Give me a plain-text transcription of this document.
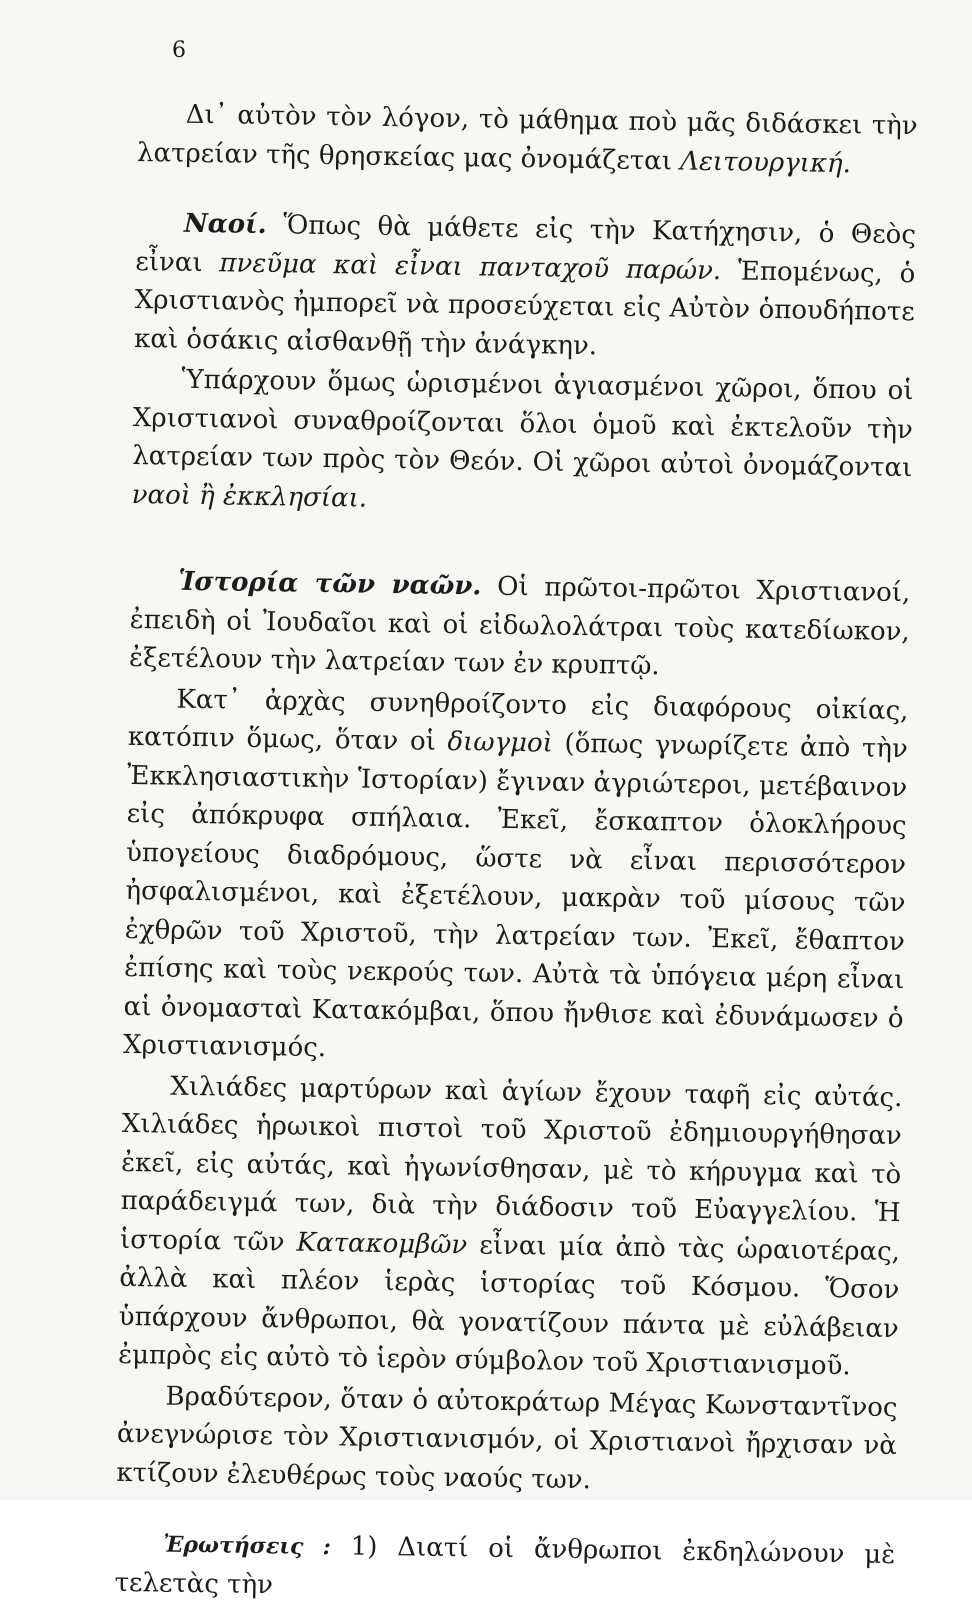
6

Δι᾽ αὐτὸν τὸν λόγον, τὸ μάθημα ποὺ μᾶς διδάσκει τὴν λατρείαν τῆς θρησκείας μας ὀνομάζεται Λειτουργική.

Ναοί. Ὅπως θὰ μάθετε εἰς τὴν Κατήχησιν, ὁ Θεὸς εἶναι πνεῦμα καὶ εἶναι πανταχοῦ παρών. Ἑπομένως, ὁ Χριστιανὸς ἠμπορεῖ νὰ προσεύχεται εἰς Αὐτὸν ὁπουδήποτε καὶ ὁσάκις αἰσθανθῇ τὴν ἀνάγκην.

Ὑπάρχουν ὅμως ὡρισμένοι ἁγιασμένοι χῶροι, ὅπου οἱ Χριστιανοὶ συναθροίζονται ὅλοι ὁμοῦ καὶ ἐκτελοῦν τὴν λατρείαν των πρὸς τὸν Θεόν. Οἱ χῶροι αὐτοὶ ὀνομάζονται ναοὶ ἢ ἐκκλησίαι.

Ἱστορία τῶν ναῶν. Οἱ πρῶτοι-πρῶτοι Χριστιανοί, ἐπειδὴ οἱ Ἰουδαῖοι καὶ οἱ εἰδωλολάτραι τοὺς κατεδίωκον, ἐξετέλουν τὴν λατρείαν των ἐν κρυπτῷ.

Κατ᾽ ἀρχὰς συνηθροίζοντο εἰς διαφόρους οἰκίας, κατόπιν ὅμως, ὅταν οἱ διωγμοὶ (ὅπως γνωρίζετε ἀπὸ τὴν Ἐκκλησιαστικὴν Ἱστορίαν) ἔγιναν ἀγριώτεροι, μετέβαινον εἰς ἀπόκρυφα σπήλαια. Ἐκεῖ, ἔσκαπτον ὁλοκλήρους ὑπογείους διαδρόμους, ὥστε νὰ εἶναι περισσότερον ἠσφαλισμένοι, καὶ ἐξετέλουν, μακρὰν τοῦ μίσους τῶν ἐχθρῶν τοῦ Χριστοῦ, τὴν λατρείαν των. Ἐκεῖ, ἔθαπτον ἐπίσης καὶ τοὺς νεκρούς των. Αὐτὰ τὰ ὑπόγεια μέρη εἶναι αἱ ὀνομασταὶ Κατακόμβαι, ὅπου ἤνθισε καὶ ἐδυνάμωσεν ὁ Χριστιανισμός.

Χιλιάδες μαρτύρων καὶ ἁγίων ἔχουν ταφῆ εἰς αὐτάς. Χιλιάδες ἡρωικοὶ πιστοὶ τοῦ Χριστοῦ ἐδημιουργήθησαν ἐκεῖ, εἰς αὐτάς, καὶ ἠγωνίσθησαν, μὲ τὸ κήρυγμα καὶ τὸ παράδειγμά των, διὰ τὴν διάδοσιν τοῦ Εὐαγγελίου. Ἡ ἱστορία τῶν Κατακομβῶν εἶναι μία ἀπὸ τὰς ὡραιοτέρας, ἀλλὰ καὶ πλέον ἱερὰς ἱστορίας τοῦ Κόσμου. Ὅσον ὑπάρχουν ἄνθρωποι, θὰ γονατίζουν πάντα μὲ εὐλάβειαν ἐμπρὸς εἰς αὐτὸ τὸ ἱερὸν σύμβολον τοῦ Χριστιανισμοῦ.

Βραδύτερον, ὅταν ὁ αὐτοκράτωρ Μέγας Κωνσταντῖνος ἀνεγνώρισε τὸν Χριστιανισμόν, οἱ Χριστιανοὶ ἤρχισαν νὰ κτίζουν ἐλευθέρως τοὺς ναούς των.

Ἐρωτήσεις : 1) Διατί οἱ ἄνθρωποι ἐκδηλώνουν μὲ τελετὰς τὴν
